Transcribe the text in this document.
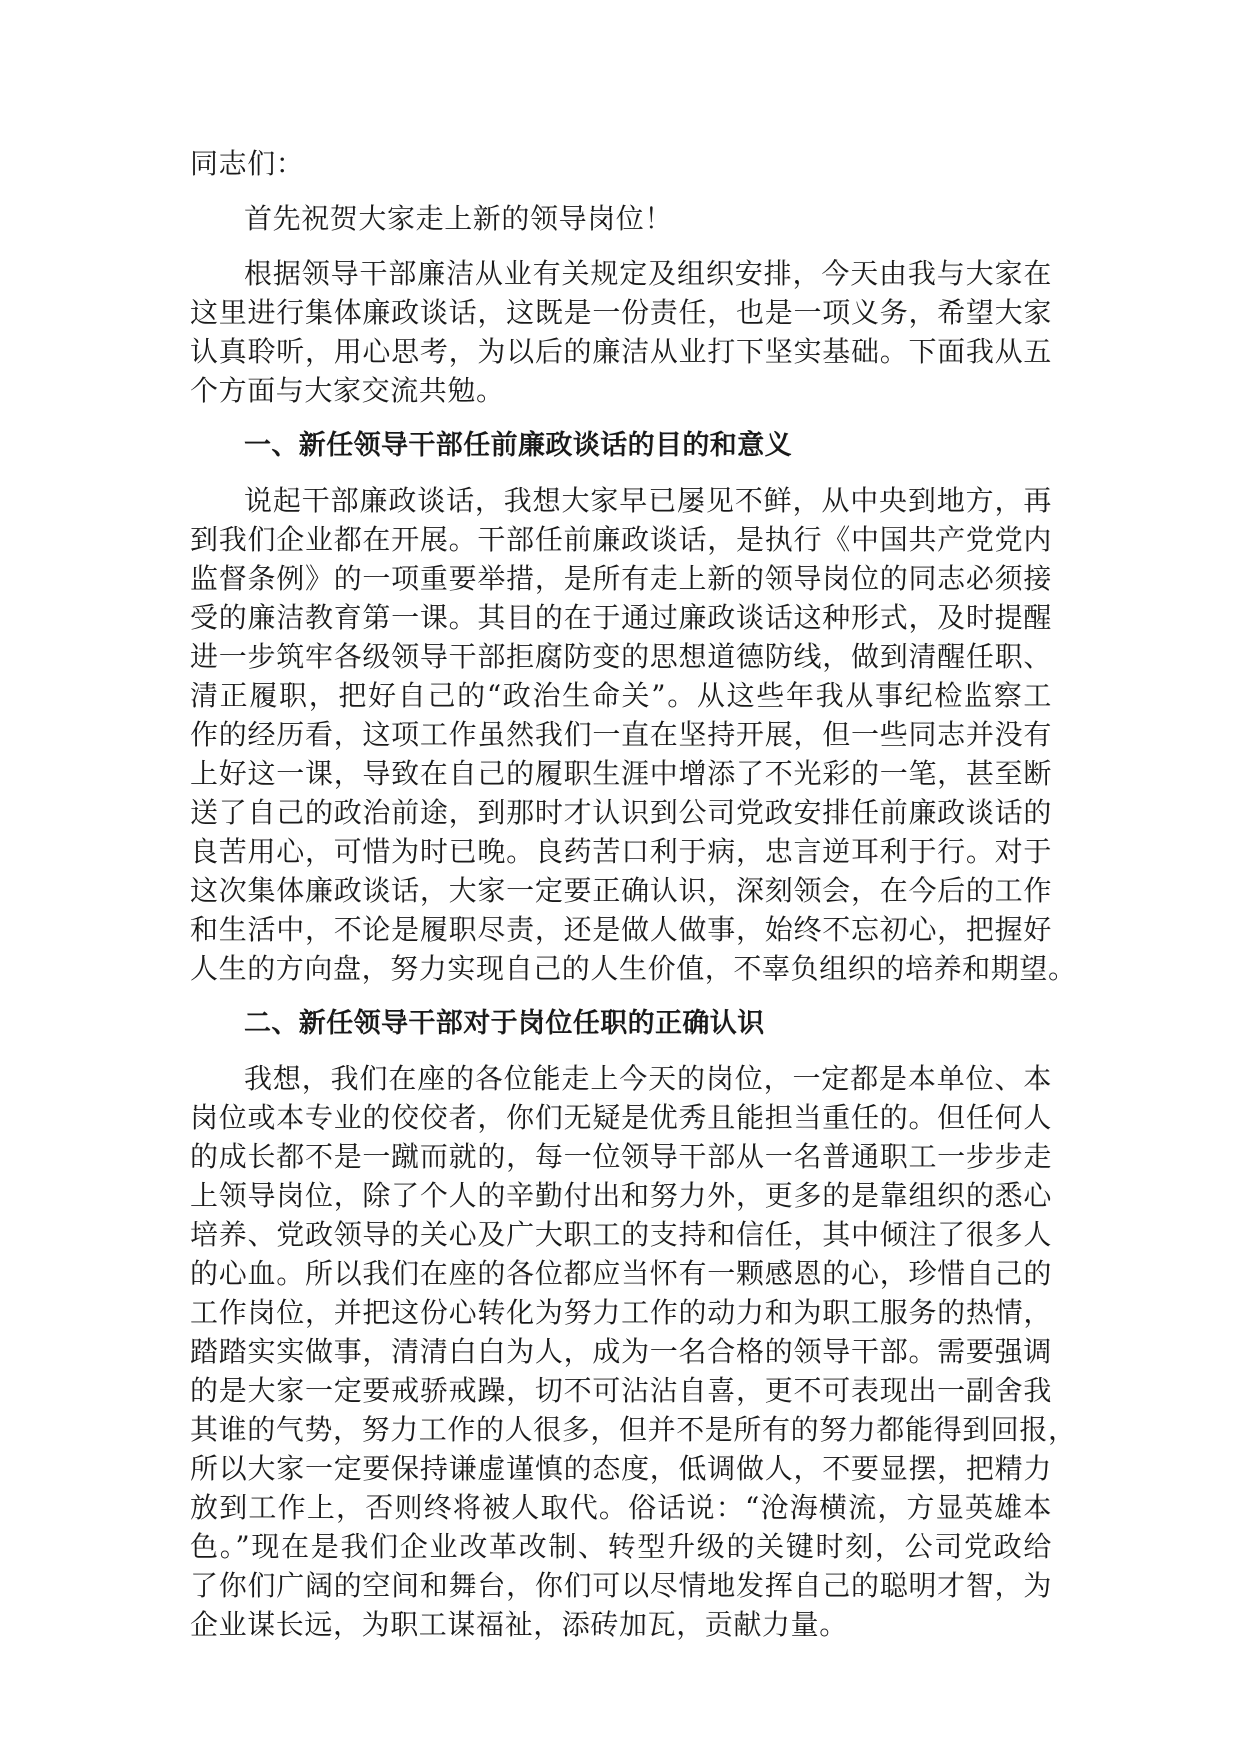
同志们：
首先祝贺大家走上新的领导岗位！
根据领导干部廉洁从业有关规定及组织安排，今天由我与大家在
这里进行集体廉政谈话，这既是一份责任，也是一项义务，希望大家
认真聆听，用心思考，为以后的廉洁从业打下坚实基础。下面我从五
个方面与大家交流共勉。
一、新任领导干部任前廉政谈话的目的和意义
说起干部廉政谈话，我想大家早已屡见不鲜，从中央到地方，再
到我们企业都在开展。干部任前廉政谈话，是执行《中国共产党党内
监督条例》的一项重要举措，是所有走上新的领导岗位的同志必须接
受的廉洁教育第一课。其目的在于通过廉政谈话这种形式，及时提醒
进一步筑牢各级领导干部拒腐防变的思想道德防线，做到清醒任职、
清正履职，把好自己的“政治生命关”。从这些年我从事纪检监察工
作的经历看，这项工作虽然我们一直在坚持开展，但一些同志并没有
上好这一课，导致在自己的履职生涯中增添了不光彩的一笔，甚至断
送了自己的政治前途，到那时才认识到公司党政安排任前廉政谈话的
良苦用心，可惜为时已晚。良药苦口利于病，忠言逆耳利于行。对于
这次集体廉政谈话，大家一定要正确认识，深刻领会，在今后的工作
和生活中，不论是履职尽责，还是做人做事，始终不忘初心，把握好
人生的方向盘，努力实现自己的人生价值，不辜负组织的培养和期望。
二、新任领导干部对于岗位任职的正确认识
我想，我们在座的各位能走上今天的岗位，一定都是本单位、本
岗位或本专业的佼佼者，你们无疑是优秀且能担当重任的。但任何人
的成长都不是一蹴而就的，每一位领导干部从一名普通职工一步步走
上领导岗位，除了个人的辛勤付出和努力外，更多的是靠组织的悉心
培养、党政领导的关心及广大职工的支持和信任，其中倾注了很多人
的心血。所以我们在座的各位都应当怀有一颗感恩的心，珍惜自己的
工作岗位，并把这份心转化为努力工作的动力和为职工服务的热情，
踏踏实实做事，清清白白为人，成为一名合格的领导干部。需要强调
的是大家一定要戒骄戒躁，切不可沾沾自喜，更不可表现出一副舍我
其谁的气势，努力工作的人很多，但并不是所有的努力都能得到回报，
所以大家一定要保持谦虚谨慎的态度，低调做人，不要显摆，把精力
放到工作上，否则终将被人取代。俗话说：“沧海横流，方显英雄本
色。”现在是我们企业改革改制、转型升级的关键时刻，公司党政给
了你们广阔的空间和舞台，你们可以尽情地发挥自己的聪明才智，为
企业谋长远，为职工谋福祉，添砖加瓦，贡献力量。
